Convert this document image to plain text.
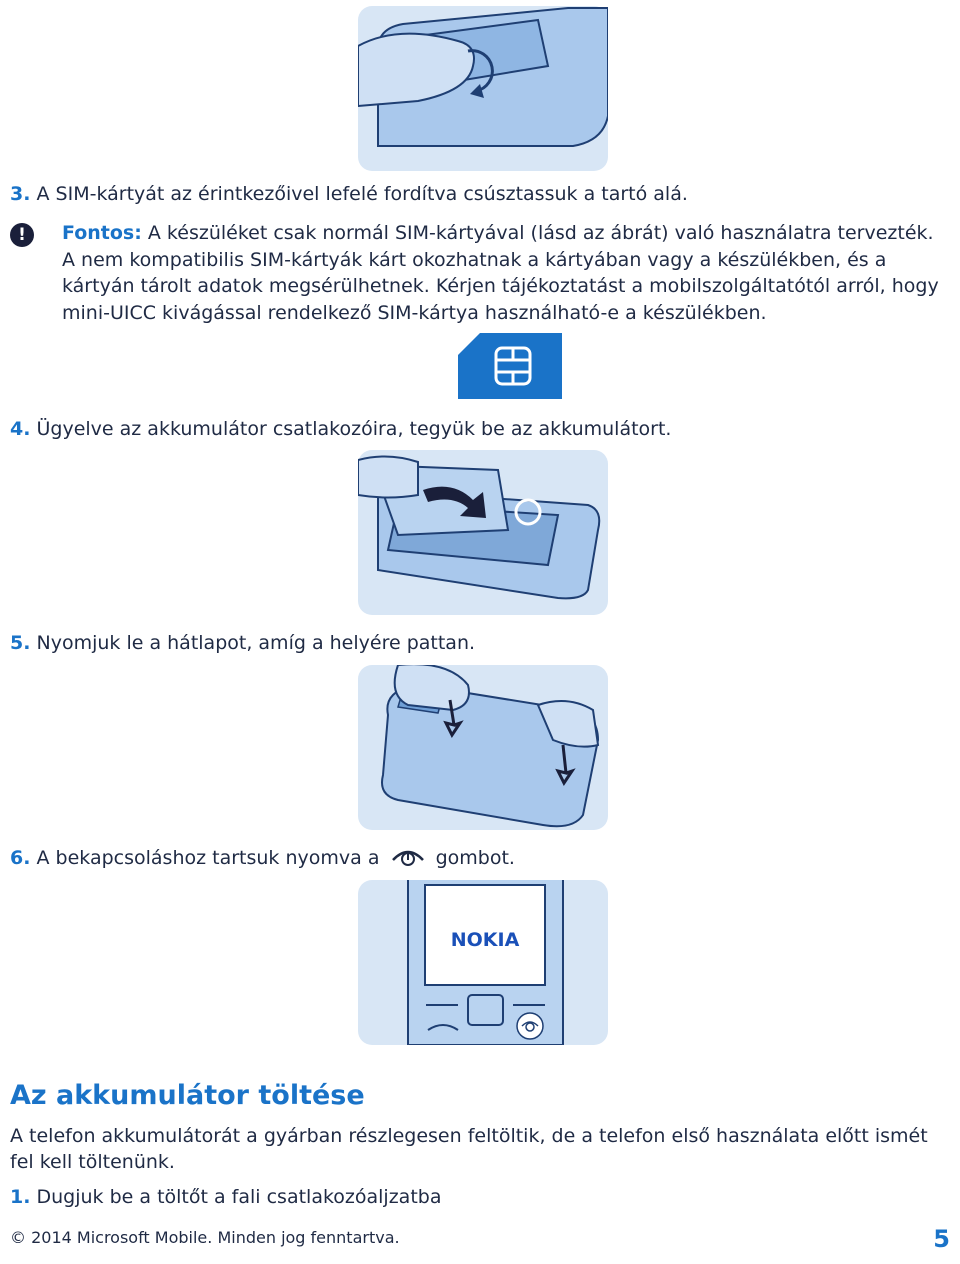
3. A SIM-kártyát az érintkezőivel lefelé fordítva csúsztassuk a tartó alá.
!	Fontos: A készüléket csak normál SIM-kártyával (lásd az ábrát) való használatra tervezték. A nem kompatibilis SIM-kártyák kárt okozhatnak a kártyában vagy a készülékben, és a kártyán tárolt adatok megsérülhetnek. Kérjen tájékoztatást a mobilszolgáltatótól arról, hogy mini-UICC kivágással rendelkező SIM-kártya használható-e a készülékben.
4. Ügyelve az akkumulátor csatlakozóira, tegyük be az akkumulátort.
5. Nyomjuk le a hátlapot, amíg a helyére pattan.
6. A bekapcsoláshoz tartsuk nyomva a	gombot.
NOKIA
Az akkumulátor töltése
A telefon akkumulátorát a gyárban részlegesen feltöltik, de a telefon első használata előtt ismét fel kell töltenünk.
1. Dugjuk be a töltőt a fali csatlakozóaljzatba
© 2014 Microsoft Mobile. Minden jog fenntartva.	5
